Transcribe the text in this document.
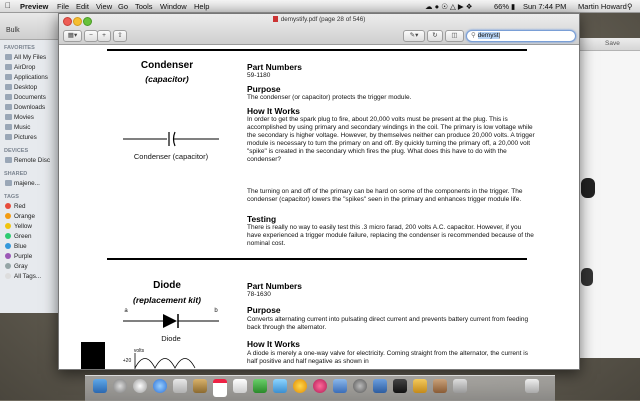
Preview File Edit View Go Tools Window Help	☁ ● ☉ △ ▶ ❖	66% ▮ Sun 7:44 PM Martin Howard ⚲
Bulk
FAVORITES
All My Files
AirDrop
Applications
Desktop
Documents
Downloads
Movies
Music
Pictures
DEVICES
Remote Disc
SHARED
majene...
TAGS
Red
Orange
Yellow
Green
Blue
Purple
Gray
All Tags...
Save
demystify.pdf (page 28 of 546)
▦▾	−	+	⇧	✎▾	↻	◫	⚲ demyst|
Condenser
(capacitor)
Condenser (capacitor)
Part Numbers
59-1180
Purpose
The condenser (or capacitor) protects the trigger module.
How It Works
In order to get the spark plug to fire, about 20,000 volts must be present at the plug. This is accomplished by using primary and secondary windings in the coil. The primary is low voltage while the secondary is higher voltage. However, by themselves neither can produce 20,000 volts. A trigger module is necessary to turn the primary on and off. By quickly turning the primary off, a 20,000 volt "spike" is created in the secondary which fires the plug. What does this have to do with the condenser?
The turning on and off of the primary can be hard on some of the components in the trigger. The condenser (capacitor) lowers the "spikes" seen in the primary and enhances trigger module life.
Testing
There is really no way to easily test this .3 micro farad, 200 volts A.C. capacitor. However, if you have experienced a trigger module failure, replacing the condenser is recommended because of the nominal cost.
Diode
(replacement kit)
a	b
Diode
volts
+20
Part Numbers
78-1630
Purpose
Converts alternating current into pulsating direct current and prevents battery current from feeding back through the alternator.
How It Works
A diode is merely a one-way valve for electricity. Coming straight from the alternator, the current is half positive and half negative as shown in
